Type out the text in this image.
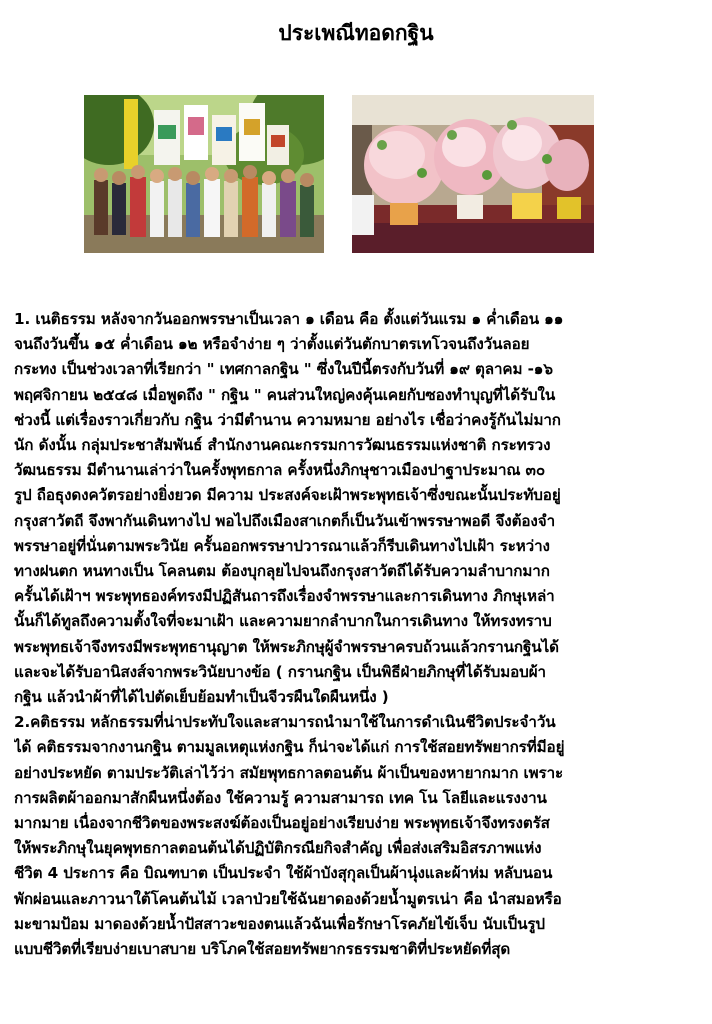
ประเพณีทอดกฐิน
1. เนติธรรม หลังจากวันออกพรรษาเป็นเวลา ๑ เดือน คือ ตั้งแต่วันแรม ๑ ค่ำเดือน ๑๑
จนถึงวันขึ้น ๑๕ ค่ำเดือน ๑๒ หรือจำง่าย ๆ ว่าตั้งแต่วันตักบาตรเทโวจนถึงวันลอย
กระทง เป็นช่วงเวลาที่เรียกว่า " เทศกาลกฐิน " ซึ่งในปีนี้ตรงกับวันที่ ๑๙ ตุลาคม -๑๖
พฤศจิกายน ๒๕๔๘ เมื่อพูดถึง " กฐิน " คนส่วนใหญ่คงคุ้นเคยกับซองทำบุญที่ได้รับใน
ช่วงนี้ แต่เรื่องราวเกี่ยวกับ กฐิน ว่ามีตำนาน ความหมาย อย่างไร เชื่อว่าคงรู้กันไม่มาก
นัก ดังนั้น กลุ่มประชาสัมพันธ์ สำนักงานคณะกรรมการวัฒนธรรมแห่งชาติ กระทรวง
วัฒนธรรม มีตำนานเล่าว่าในครั้งพุทธกาล ครั้งหนึ่งภิกษุชาวเมืองปาฐาประมาณ ๓๐
รูป ถือธุงดงควัตรอย่างยิ่งยวด มีความ ประสงค์จะเฝ้าพระพุทธเจ้าซึ่งขณะนั้นประทับอยู่
กรุงสาวัตถี จึงพากันเดินทางไป พอไปถึงเมืองสาเกตก็เป็นวันเข้าพรรษาพอดี จึงต้องจำ
พรรษาอยู่ที่นั่นตามพระวินัย ครั้นออกพรรษาปวารณาแล้วก็รีบเดินทางไปเฝ้า ระหว่าง
ทางฝนตก หนทางเป็น โคลนตม ต้องบุกลุยไปจนถึงกรุงสาวัตถีได้รับความลำบากมาก
ครั้นได้เฝ้าฯ พระพุทธองค์ทรงมีปฏิสันถารถึงเรื่องจำพรรษาและการเดินทาง ภิกษุเหล่า
นั้นก็ได้ทูลถึงความตั้งใจที่จะมาเฝ้า และความยากลำบากในการเดินทาง ให้ทรงทราบ
พระพุทธเจ้าจึงทรงมีพระพุทธานุญาต ให้พระภิกษุผู้จำพรรษาครบถ้วนแล้วกรานกฐินได้
และจะได้รับอานิสงส์จากพระวินัยบางข้อ ( กรานกฐิน เป็นพิธีฝ่ายภิกษุที่ได้รับมอบผ้า
กฐิน แล้วนำผ้าที่ได้ไปตัดเย็บย้อมทำเป็นจีวรผืนใดผืนหนึ่ง )
2.คติธรรม หลักธรรมที่น่าประทับใจและสามารถนำมาใช้ในการดำเนินชีวิตประจำวัน
ได้ คติธรรมจากงานกฐิน ตามมูลเหตุแห่งกฐิน ก็น่าจะได้แก่ การใช้สอยทรัพยากรที่มีอยู่
อย่างประหยัด ตามประวัติเล่าไว้ว่า สมัยพุทธกาลตอนต้น ผ้าเป็นของหายากมาก เพราะ
การผลิตผ้าออกมาสักผืนหนึ่งต้อง ใช้ความรู้ ความสามารถ เทค โน โลยีและแรงงาน
มากมาย เนื่องจากชีวิตของพระสงฆ์ต้องเป็นอยู่อย่างเรียบง่าย พระพุทธเจ้าจึงทรงตรัส
ให้พระภิกษุในยุคพุทธกาลตอนต้นได้ปฏิบัติกรณียกิจสำคัญ เพื่อส่งเสริมอิสรภาพแห่ง
ชีวิต 4 ประการ คือ บิณฑบาต เป็นประจำ ใช้ผ้าบังสุกุลเป็นผ้านุ่งและผ้าห่ม หลับนอน
พักผ่อนและภาวนาใต้โคนต้นไม้ เวลาป่วยใช้ฉันยาดองด้วยน้ำมูตรเน่า คือ นำสมอหรือ
มะขามป้อม มาดองด้วยน้ำปัสสาวะของตนแล้วฉันเพื่อรักษาโรคภัยไข้เจ็บ นับเป็นรูป
แบบชีวิตที่เรียบง่ายเบาสบาย บริโภคใช้สอยทรัพยากรธรรมชาติที่ประหยัดที่สุด
